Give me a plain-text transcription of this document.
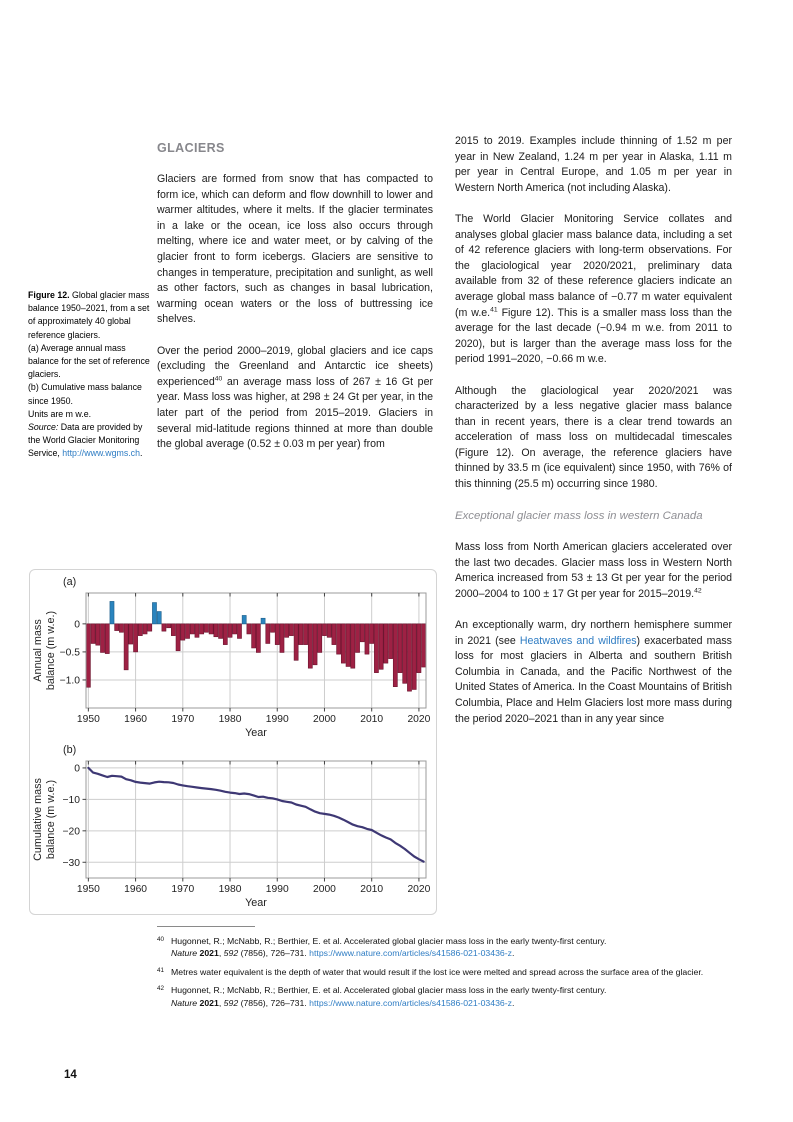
GLACIERS
Figure 12. Global glacier mass balance 1950–2021, from a set of approximately 40 global reference glaciers.
(a) Average annual mass balance for the set of reference glaciers.
(b) Cumulative mass balance since 1950.
Units are m w.e.
Source: Data are provided by the World Glacier Monitoring Service, http://www.wgms.ch.

Glaciers are formed from snow that has compacted to form ice, which can deform and flow downhill to lower and warmer altitudes, where it melts. If the glacier terminates in a lake or the ocean, ice loss also occurs through melting, where ice and water meet, or by calving of the glacier front to form icebergs. Glaciers are sensitive to changes in temperature, precipitation and sunlight, as well as other factors, such as changes in basal lubrication, warming ocean waters or the loss of buttressing ice shelves.

Over the period 2000–2019, global glaciers and ice caps (excluding the Greenland and Antarctic ice sheets) experienced$^{40}$ an average mass loss of 267 ± 16 Gt per year. Mass loss was higher, at 298 ± 24 Gt per year, in the later part of the period from 2015–2019. Glaciers in several mid-latitude regions thinned at more than double the global average (0.52 ± 0.03 m per year) from

2015 to 2019. Examples include thinning of 1.52 m per year in New Zealand, 1.24 m per year in Alaska, 1.11 m per year in Central Europe, and 1.05 m per year in Western North America (not including Alaska).

The World Glacier Monitoring Service collates and analyses global glacier mass balance data, including a set of 42 reference glaciers with long-term observations. For the glaciological year 2020/2021, preliminary data available from 32 of these reference glaciers indicate an average global mass balance of −0.77 m water equivalent (m w.e.$^{41}$ Figure 12). This is a smaller mass loss than the average for the last decade (−0.94 m w.e. from 2011 to 2020), but is larger than the average mass loss for the period 1991–2020, −0.66 m w.e.

Although the glaciological year 2020/2021 was characterized by a less negative glacier mass balance than in recent years, there is a clear trend towards an acceleration of mass loss on multidecadal timescales (Figure 12). On average, the reference glaciers have thinned by 33.5 m (ice equivalent) since 1950, with 76% of this thinning (25.5 m) occurring since 1980.

Exceptional glacier mass loss in western Canada

Mass loss from North American glaciers accelerated over the last two decades. Glacier mass loss in Western North America increased from 53 ± 13 Gt per year for the period 2000–2004 to 100 ± 17 Gt per year for 2015–2019.42

An exceptionally warm, dry northern hemisphere summer in 2021 (see Heatwaves and wildfires) exacerbated mass loss for most glaciers in Alberta and southern British Columbia in Canada, and the Pacific Northwest of the United States of America. In the Coast Mountains of British Columbia, Place and Helm Glaciers lost more mass during the period 2020–2021 than in any year since

1950 1960 1970 1980 1990 2000 2010 2020
0
−0.5
−1.0
Year
(a)
Annual mass balance (m w.e.)
1950 1960 1970 1980 1990 2000 2010 2020
0
−10
−20
−30
Year
(b)
Cumulative mass balance (m w.e.)
40 Hugonnet, R.; McNabb, R.; Berthier, E. et al. Accelerated global glacier mass loss in the early twenty-first century.
Nature 2021, 592 (7856), 726–731. https://www.nature.com/articles/s41586-021-03436-z.
41 Metres water equivalent is the depth of water that would result if the lost ice were melted and spread across the surface area of the glacier.
42 Hugonnet, R.; McNabb, R.; Berthier, E. et al. Accelerated global glacier mass loss in the early twenty-first century.
Nature 2021, 592 (7856), 726–731. https://www.nature.com/articles/s41586-021-03436-z.
14
